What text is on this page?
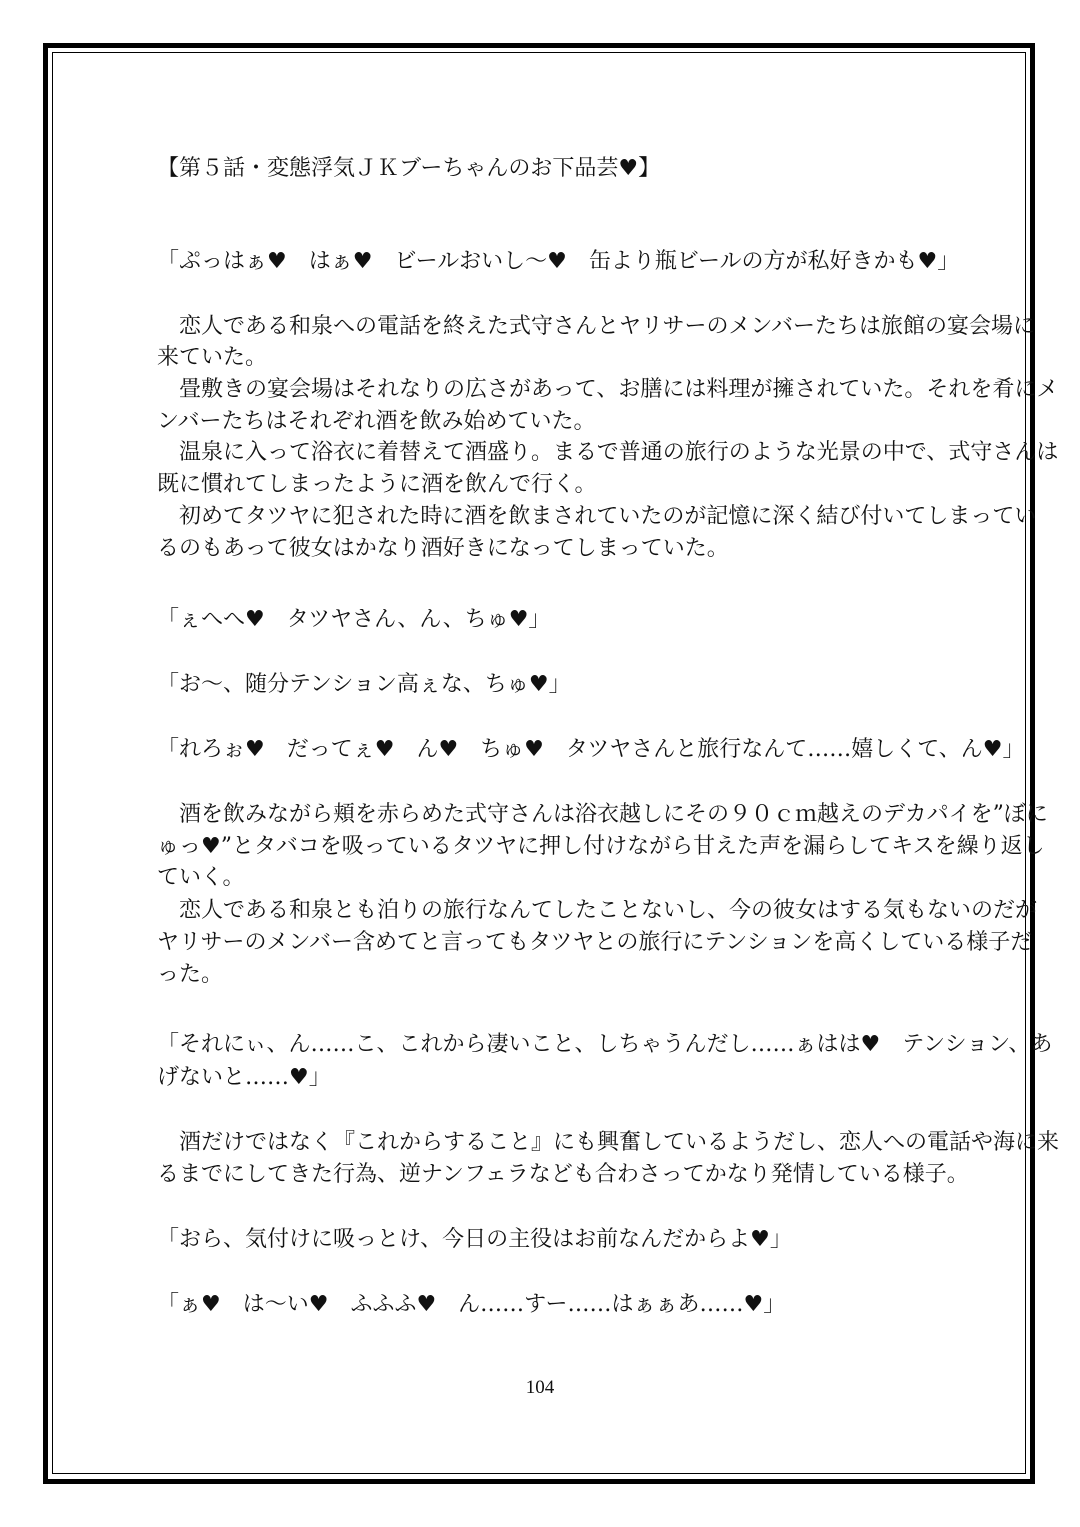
【第５話・変態浮気ＪＫブーちゃんのお下品芸♥】
「ぷっはぁ♥　はぁ♥　ビールおいし～♥　缶より瓶ビールの方が私好きかも♥」
　恋人である和泉への電話を終えた式守さんとヤリサーのメンバーたちは旅館の宴会場に
来ていた。
　畳敷きの宴会場はそれなりの広さがあって、お膳には料理が擁されていた。それを肴にメ
ンバーたちはそれぞれ酒を飲み始めていた。
　温泉に入って浴衣に着替えて酒盛り。まるで普通の旅行のような光景の中で、式守さんは
既に慣れてしまったように酒を飲んで行く。
　初めてタツヤに犯された時に酒を飲まされていたのが記憶に深く結び付いてしまってい
るのもあって彼女はかなり酒好きになってしまっていた。
「ぇへへ♥　タツヤさん、ん、ちゅ♥」
「お～、随分テンション高ぇな、ちゅ♥」
「れろぉ♥　だってぇ♥　ん♥　ちゅ♥　タツヤさんと旅行なんて……嬉しくて、ん♥」
　酒を飲みながら頬を赤らめた式守さんは浴衣越しにその９０ｃｍ越えのデカパイを”ぼに
ゅっ♥”とタバコを吸っているタツヤに押し付けながら甘えた声を漏らしてキスを繰り返し
ていく。
　恋人である和泉とも泊りの旅行なんてしたことないし、今の彼女はする気もないのだが
ヤリサーのメンバー含めてと言ってもタツヤとの旅行にテンションを高くしている様子だ
った。
「それにぃ、ん……こ、これから凄いこと、しちゃうんだし……ぁはは♥　テンション、あ
げないと……♥」
　酒だけではなく『これからすること』にも興奮しているようだし、恋人への電話や海に来
るまでにしてきた行為、逆ナンフェラなども合わさってかなり発情している様子。
「おら、気付けに吸っとけ、今日の主役はお前なんだからよ♥」
「ぁ♥　は～い♥　ふふふ♥　ん……すー……はぁぁあ……♥」
104
